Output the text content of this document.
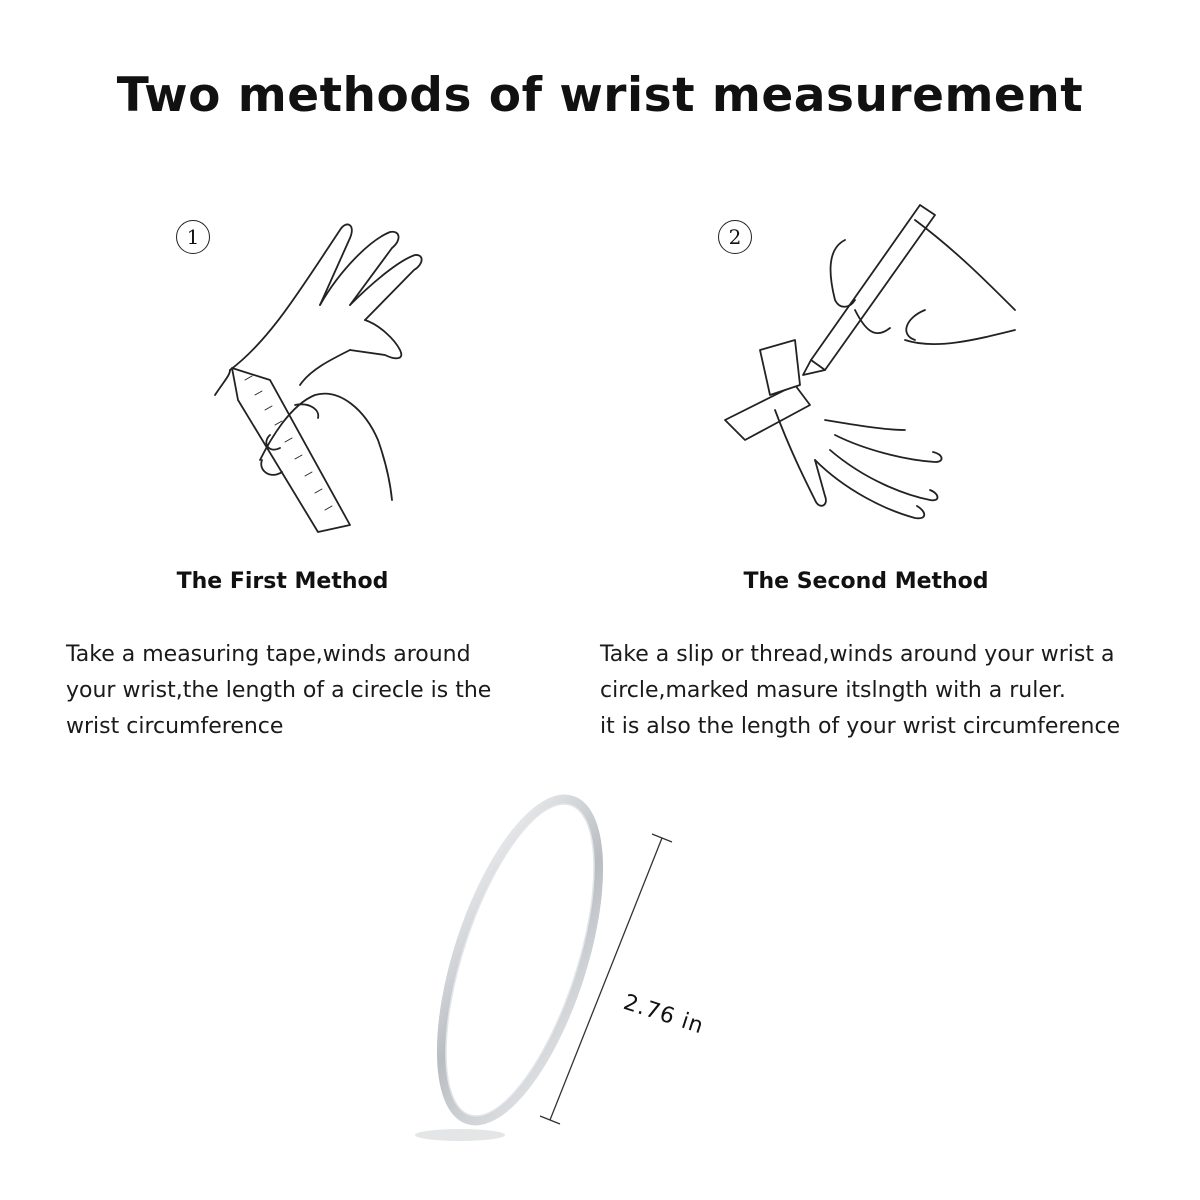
Two methods of wrist measurement
1
The First Method
Take a measuring tape,winds around
your wrist,the length of a cirecle is the
wrist circumference
2
The Second Method
Take a slip or thread,winds around your wrist a
circle,marked masure itslngth with a ruler.
it is also the length of your wrist circumference
2.76 in
